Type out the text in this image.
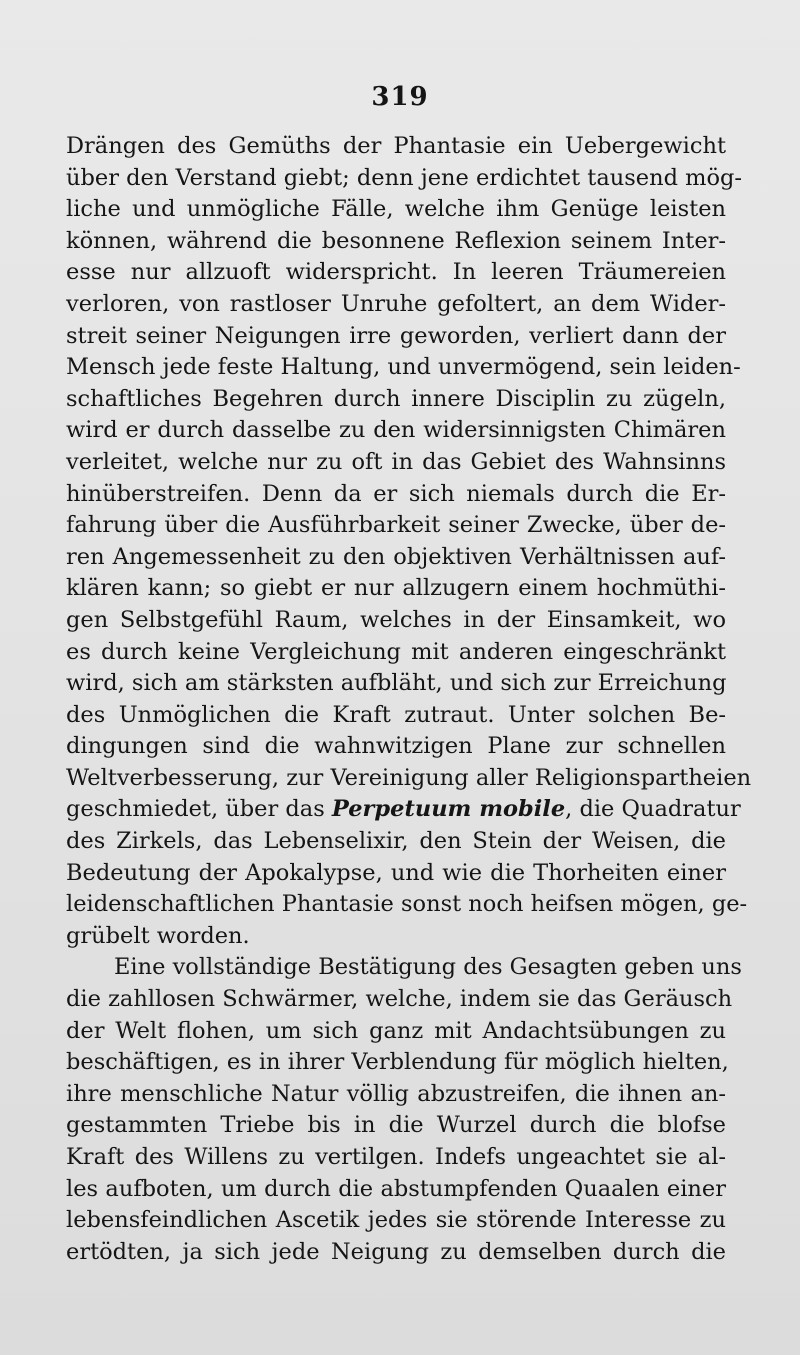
319
Drängen des Gemüths der Phantasie ein Uebergewicht
über den Verstand giebt; denn jene erdichtet tausend mög-
liche und unmögliche Fälle, welche ihm Genüge leisten
können, während die besonnene Reflexion seinem Inter-
esse nur allzuoft widerspricht. In leeren Träumereien
verloren, von rastloser Unruhe gefoltert, an dem Wider-
streit seiner Neigungen irre geworden, verliert dann der
Mensch jede feste Haltung, und unvermögend, sein leiden-
schaftliches Begehren durch innere Disciplin zu zügeln,
wird er durch dasselbe zu den widersinnigsten Chimären
verleitet, welche nur zu oft in das Gebiet des Wahnsinns
hinüberstreifen. Denn da er sich niemals durch die Er-
fahrung über die Ausführbarkeit seiner Zwecke, über de-
ren Angemessenheit zu den objektiven Verhältnissen auf-
klären kann; so giebt er nur allzugern einem hochmüthi-
gen Selbstgefühl Raum, welches in der Einsamkeit, wo
es durch keine Vergleichung mit anderen eingeschränkt
wird, sich am stärksten aufbläht, und sich zur Erreichung
des Unmöglichen die Kraft zutraut. Unter solchen Be-
dingungen sind die wahnwitzigen Plane zur schnellen
Weltverbesserung, zur Vereinigung aller Religionspartheien
geschmiedet, über das Perpetuum mobile, die Quadratur
des Zirkels, das Lebenselixir, den Stein der Weisen, die
Bedeutung der Apokalypse, und wie die Thorheiten einer
leidenschaftlichen Phantasie sonst noch heifsen mögen, ge-
grübelt worden.
Eine vollständige Bestätigung des Gesagten geben uns
die zahllosen Schwärmer, welche, indem sie das Geräusch
der Welt flohen, um sich ganz mit Andachtsübungen zu
beschäftigen, es in ihrer Verblendung für möglich hielten,
ihre menschliche Natur völlig abzustreifen, die ihnen an-
gestammten Triebe bis in die Wurzel durch die blofse
Kraft des Willens zu vertilgen. Indefs ungeachtet sie al-
les aufboten, um durch die abstumpfenden Quaalen einer
lebensfeindlichen Ascetik jedes sie störende Interesse zu
ertödten, ja sich jede Neigung zu demselben durch die
